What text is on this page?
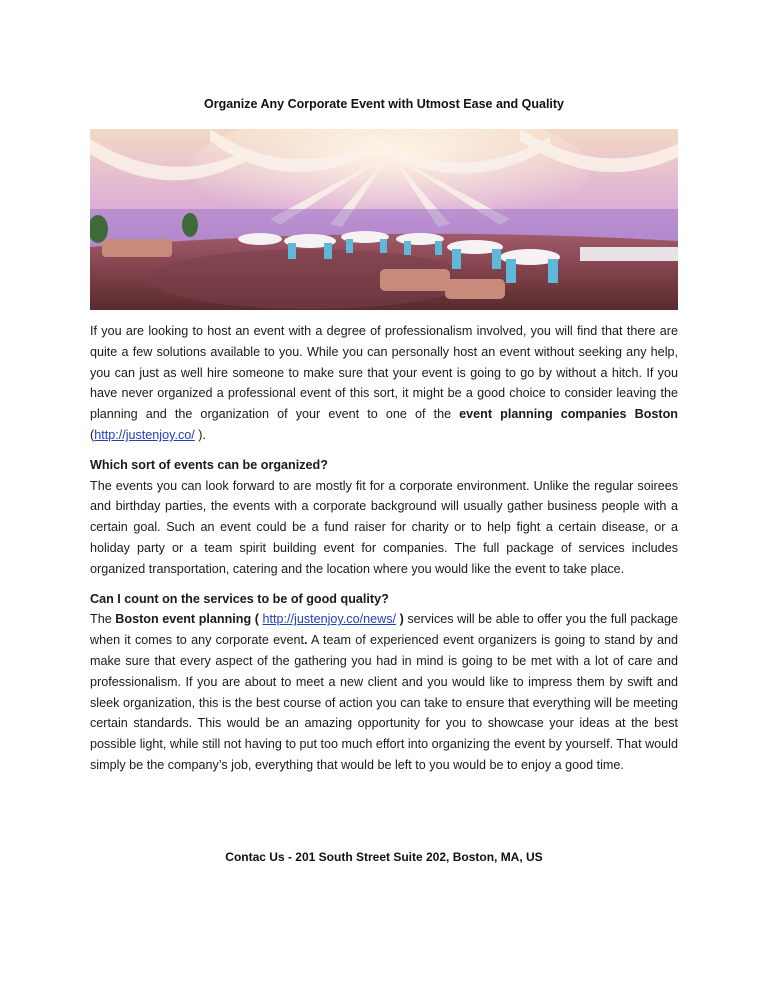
Organize Any Corporate Event with Utmost Ease and Quality

If you are looking to host an event with a degree of professionalism involved, you will find that there are quite a few solutions available to you. While you can personally host an event without seeking any help, you can just as well hire someone to make sure that your event is going to go by without a hitch. If you have never organized a professional event of this sort, it might be a good choice to consider leaving the planning and the organization of your event to one of the event planning companies Boston (http://justenjoy.co/ ).

Which sort of events can be organized?
The events you can look forward to are mostly fit for a corporate environment. Unlike the regular soirees and birthday parties, the events with a corporate background will usually gather business people with a certain goal. Such an event could be a fund raiser for charity or to help fight a certain disease, or a holiday party or a team spirit building event for companies. The full package of services includes organized transportation, catering and the location where you would like the event to take place.

Can I count on the services to be of good quality?
The Boston event planning ( http://justenjoy.co/news/ ) services will be able to offer you the full package when it comes to any corporate event. A team of experienced event organizers is going to stand by and make sure that every aspect of the gathering you had in mind is going to be met with a lot of care and professionalism. If you are about to meet a new client and you would like to impress them by swift and sleek organization, this is the best course of action you can take to ensure that everything will be meeting certain standards. This would be an amazing opportunity for you to showcase your ideas at the best possible light, while still not having to put too much effort into organizing the event by yourself. That would simply be the company’s job, everything that would be left to you would be to enjoy a good time.

Contac Us - 201 South Street Suite 202, Boston, MA, US
